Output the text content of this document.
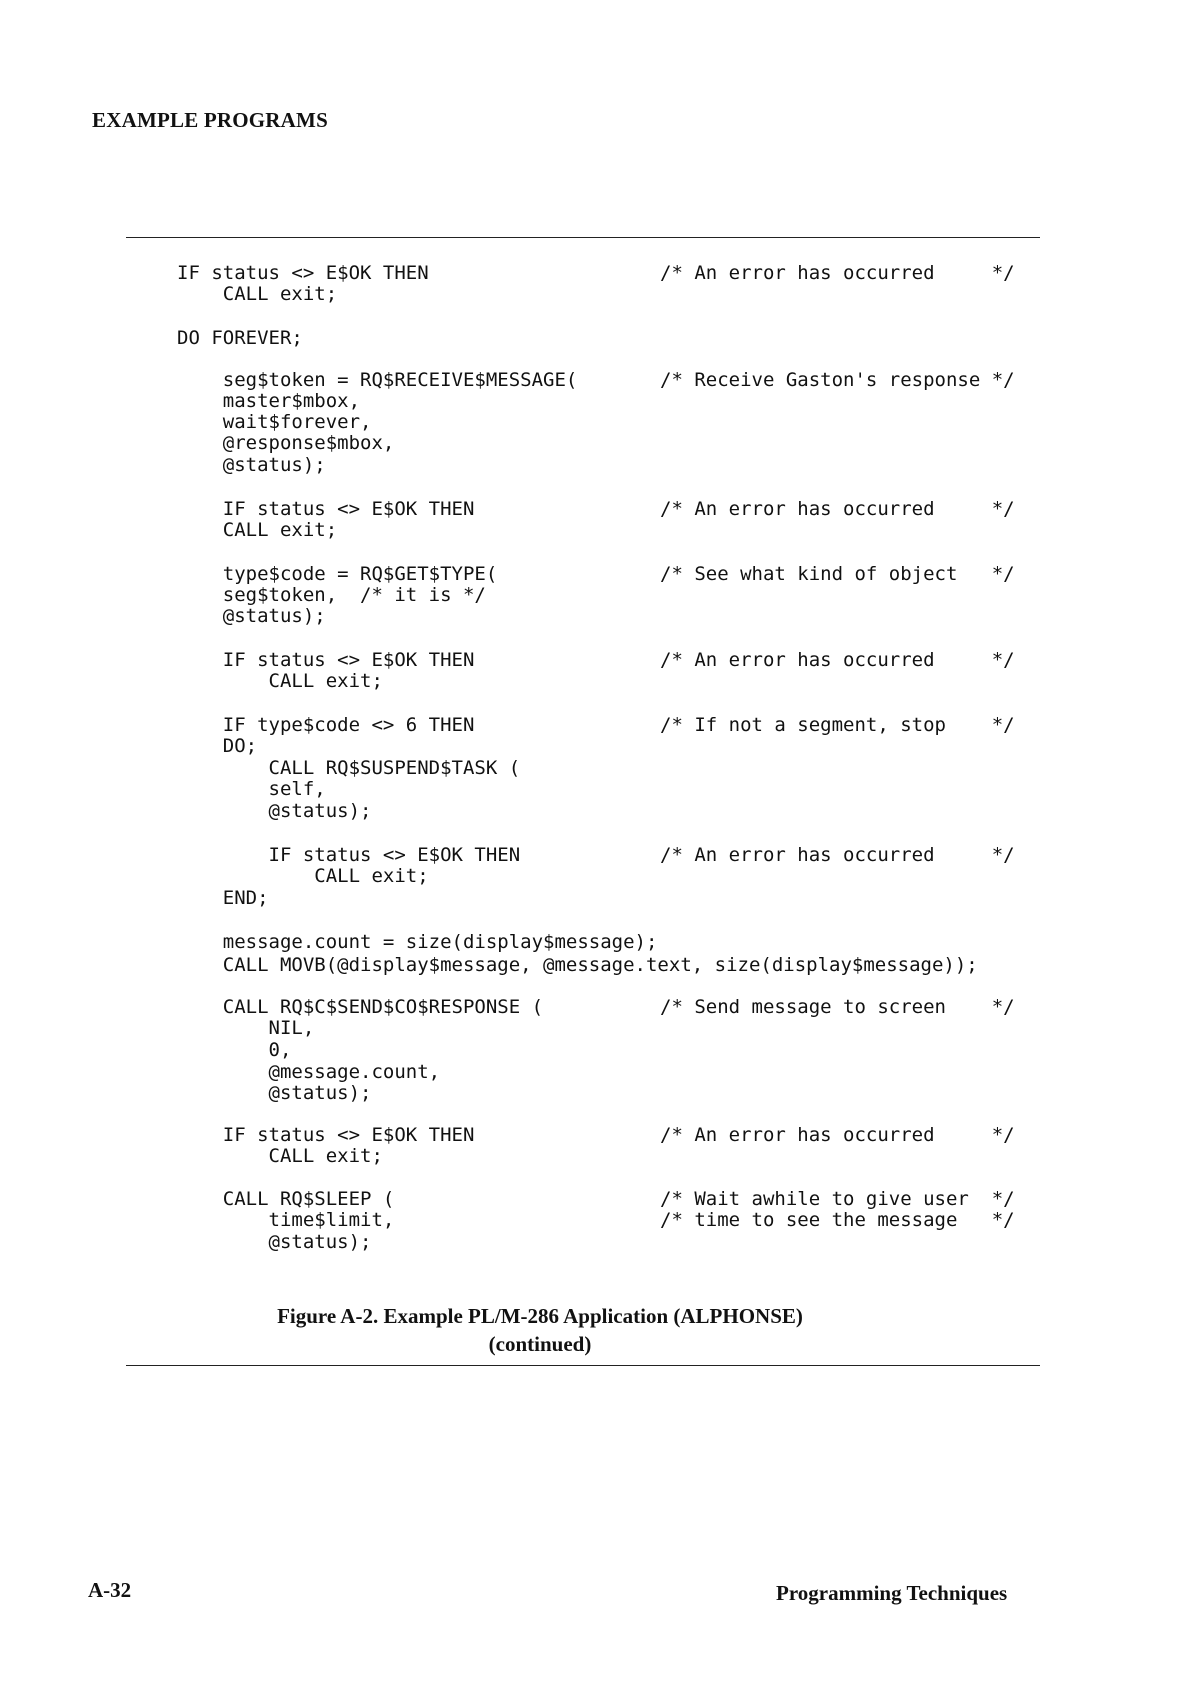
EXAMPLE PROGRAMS
IF status <> E$OK THEN
CALL exit;
DO FOREVER;
seg$token = RQ$RECEIVE$MESSAGE(
master$mbox,
wait$forever,
@response$mbox,
@status);
IF status <> E$OK THEN
CALL exit;
type$code = RQ$GET$TYPE(
seg$token,  /* it is */
@status);
IF status <> E$OK THEN
CALL exit;
IF type$code <> 6 THEN
DO;
CALL RQ$SUSPEND$TASK (
self,
@status);
IF status <> E$OK THEN
CALL exit;
END;
message.count = size(display$message);
CALL MOVB(@display$message, @message.text, size(display$message));
CALL RQ$C$SEND$CO$RESPONSE (
NIL,
0,
@message.count,
@status);
IF status <> E$OK THEN
CALL exit;
CALL RQ$SLEEP (
time$limit,
@status);
/* An error has occurred     */
/* Receive Gaston's response */
/* An error has occurred     */
/* See what kind of object   */
/* An error has occurred     */
/* If not a segment, stop    */
/* An error has occurred     */
/* Send message to screen    */
/* An error has occurred     */
/* Wait awhile to give user  */
/* time to see the message   */
Figure A-2. Example PL/M-286 Application (ALPHONSE)
(continued)
A-32	Programming Techniques
